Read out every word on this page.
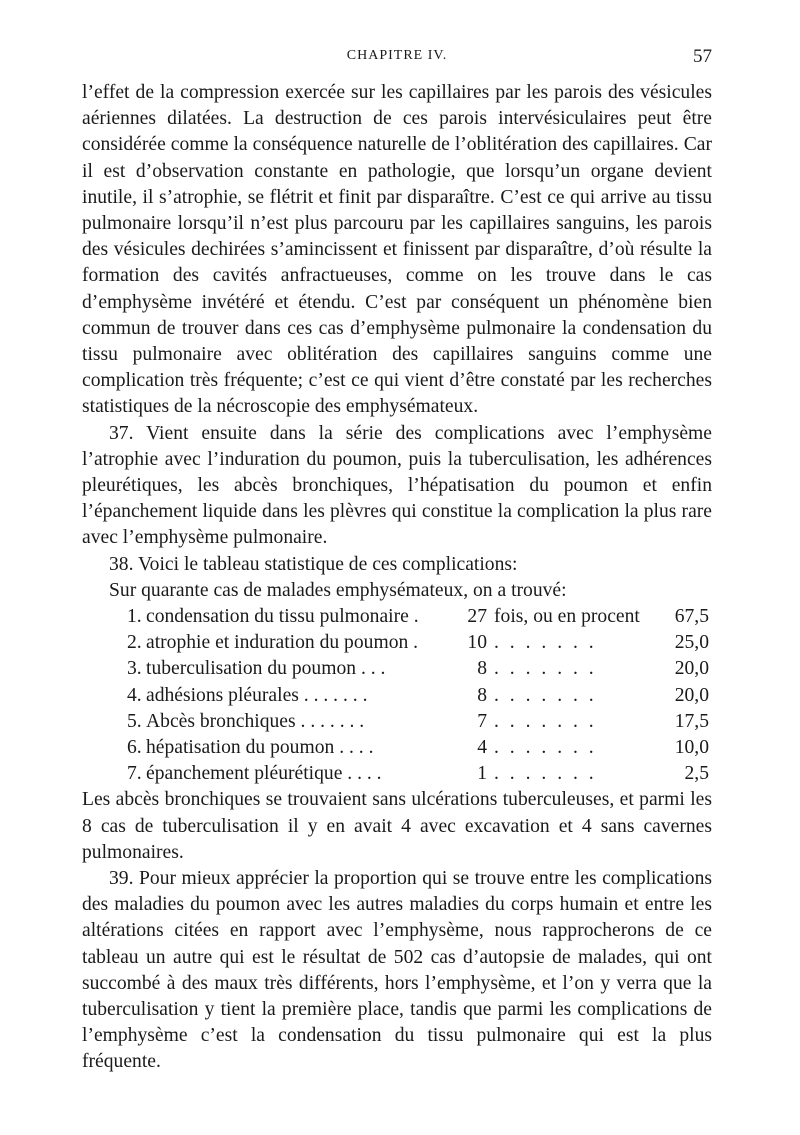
CHAPITRE IV.	57

l’effet de la compression exercée sur les capillaires par les parois des vésicules aériennes dilatées. La destruction de ces parois intervésiculaires peut être considérée comme la conséquence naturelle de l’oblitération des capillaires. Car il est d’observation constante en pathologie, que lorsqu’un organe devient inutile, il s’atrophie, se flétrit et finit par disparaître. C’est ce qui arrive au tissu pulmonaire lorsqu’il n’est plus parcouru par les capillaires sanguins, les parois des vésicules dechirées s’amincissent et finissent par disparaître, d’où résulte la formation des cavités anfractueuses, comme on les trouve dans le cas d’emphysème invétéré et étendu. C’est par conséquent un phénomène bien commun de trouver dans ces cas d’emphysème pulmonaire la condensation du tissu pulmonaire avec oblitération des capillaires sanguins comme une complication très fréquente; c’est ce qui vient d’être constaté par les recherches statistiques de la nécroscopie des emphysémateux.

37. Vient ensuite dans la série des complications avec l’emphysème l’atrophie avec l’induration du poumon, puis la tuberculisation, les adhérences pleurétiques, les abcès bronchiques, l’hépatisation du poumon et enfin l’épanchement liquide dans les plèvres qui constitue la complication la plus rare avec l’emphysème pulmonaire.

38. Voici le tableau statistique de ces complications:

Sur quarante cas de malades emphysémateux, on a trouvé:

1. condensation du tissu pulmonaire .	27 fois, ou en procent	67,5
2. atrophie et induration du poumon .	10 . . . . . . .	25,0
3. tuberculisation du poumon . . .	8 . . . . . . .	20,0
4. adhésions pléurales . . . . . . .	8 . . . . . . .	20,0
5. Abcès bronchiques . . . . . . .	7 . . . . . . .	17,5
6. hépatisation du poumon . . . .	4 . . . . . . .	10,0
7. épanchement pléurétique . . . .	1 . . . . . . .	2,5

Les abcès bronchiques se trouvaient sans ulcérations tuberculeuses, et parmi les 8 cas de tuberculisation il y en avait 4 avec excavation et 4 sans cavernes pulmonaires.

39. Pour mieux apprécier la proportion qui se trouve entre les complications des maladies du poumon avec les autres maladies du corps humain et entre les altérations citées en rapport avec l’emphysème, nous rapprocherons de ce tableau un autre qui est le résultat de 502 cas d’autopsie de malades, qui ont succombé à des maux très différents, hors l’emphysème, et l’on y verra que la tuberculisation y tient la première place, tandis que parmi les complications de l’emphysème c’est la condensation du tissu pulmonaire qui est la plus fréquente.
